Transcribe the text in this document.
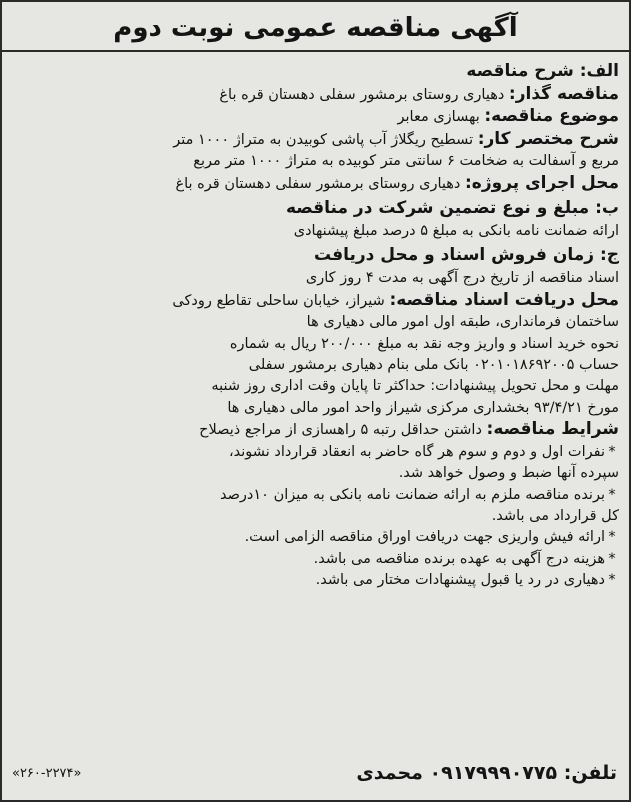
آگهی مناقصه عمومی نوبت دوم
الف: شرح مناقصه
مناقصه گذار: دهیاری روستای برمشور سفلی دهستان قره باغ
موضوع مناقصه: بهسازی معابر
شرح مختصر کار: تسطیح ریگلاژ آب پاشی کوبیدن به متراژ ۱۰۰۰ متر
مربع و آسفالت به ضخامت ۶ سانتی متر کوبیده به متراژ ۱۰۰۰ متر مربع
محل اجرای پروژه: دهیاری روستای برمشور سفلی دهستان قره باغ
ب: مبلغ و نوع تضمین شرکت در مناقصه
ارائه ضمانت نامه بانکی به مبلغ ۵ درصد مبلغ پیشنهادی
ج: زمان فروش اسناد و محل دریافت
اسناد مناقصه از تاریخ درج آگهی به مدت ۴ روز کاری
محل دریافت اسناد مناقصه: شیراز، خیابان ساحلی تقاطع رودکی
ساختمان فرمانداری، طبقه اول امور مالی دهیاری ها
نحوه خرید اسناد و واریز وجه نقد به مبلغ ۲۰۰/۰۰۰ ریال به شماره
حساب ۰۲۰۱۰۱۸۶۹۲۰۰۵ بانک ملی بنام دهیاری برمشور سفلی
مهلت و محل تحویل پیشنهادات: حداکثر تا پایان وقت اداری روز شنبه
مورخ ۹۳/۴/۲۱ بخشداری مرکزی شیراز واحد امور مالی دهیاری ها
شرایط مناقصه: داشتن حداقل رتبه ۵ راهسازی از مراجع ذیصلاح
*نفرات اول و دوم و سوم هر گاه حاضر به انعقاد قرارداد نشوند،
سپرده آنها ضبط و وصول خواهد شد.
*برنده مناقصه ملزم به ارائه ضمانت نامه بانکی به میزان ۱۰درصد
کل قرارداد می باشد.
*ارائه فیش واریزی جهت دریافت اوراق مناقصه الزامی است.
*هزینه درج آگهی به عهده برنده مناقصه می باشد.
*دهیاری در رد یا قبول پیشنهادات مختار می باشد.
تلفن: ۰۹۱۷۹۹۹۰۷۷۵ محمدی
«۲۶۰-۲۲۷۴»
